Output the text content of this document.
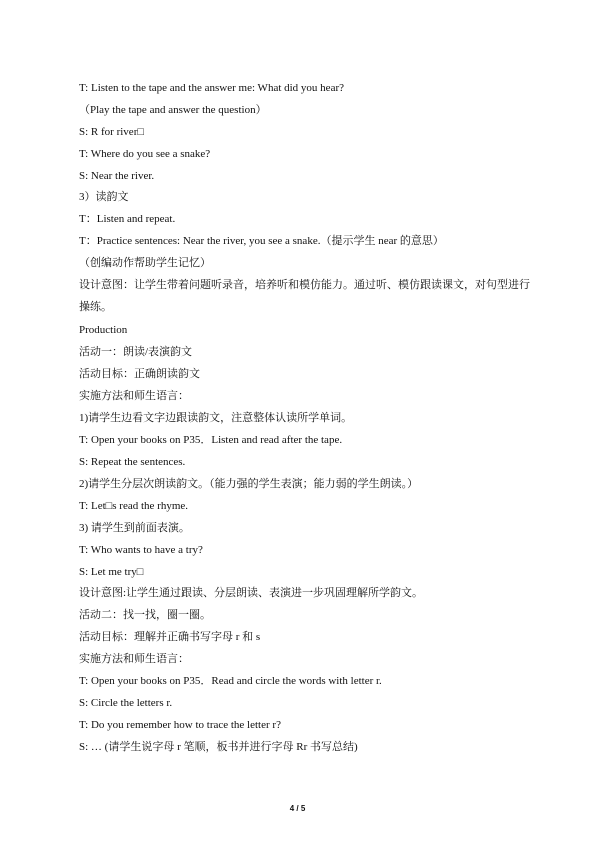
T: Listen to the tape and the answer me: What did you hear?
（Play the tape and answer the question）
S: R for river□
T: Where do you see a snake?
S: Near the river.
3）读韵文
T：Listen and repeat.
T：Practice sentences: Near the river, you see a snake.（提示学生 near 的意思）
（创编动作帮助学生记忆）
设计意图：让学生带着问题听录音，培养听和模仿能力。通过听、模仿跟读课文，对句型进行操练。
Production
活动一：朗读/表演韵文
活动目标：正确朗读韵文
实施方法和师生语言：
1)请学生边看文字边跟读韵文，注意整体认读所学单词。
T: Open your books on P35．Listen and read after the tape.
S: Repeat the sentences.
2)请学生分层次朗读韵文。（能力强的学生表演；能力弱的学生朗读。）
T: Let□s read the rhyme.
3) 请学生到前面表演。
T: Who wants to have a try?
S: Let me try□
设计意图:让学生通过跟读、分层朗读、表演进一步巩固理解所学韵文。
活动二：找一找，圈一圈。
活动目标：理解并正确书写字母 r 和 s
实施方法和师生语言：
T: Open your books on P35．Read and circle the words with letter r.
S: Circle the letters r.
T: Do you remember how to trace the letter r?
S: … (请学生说字母 r 笔顺，板书并进行字母 Rr 书写总结)
4 / 5
